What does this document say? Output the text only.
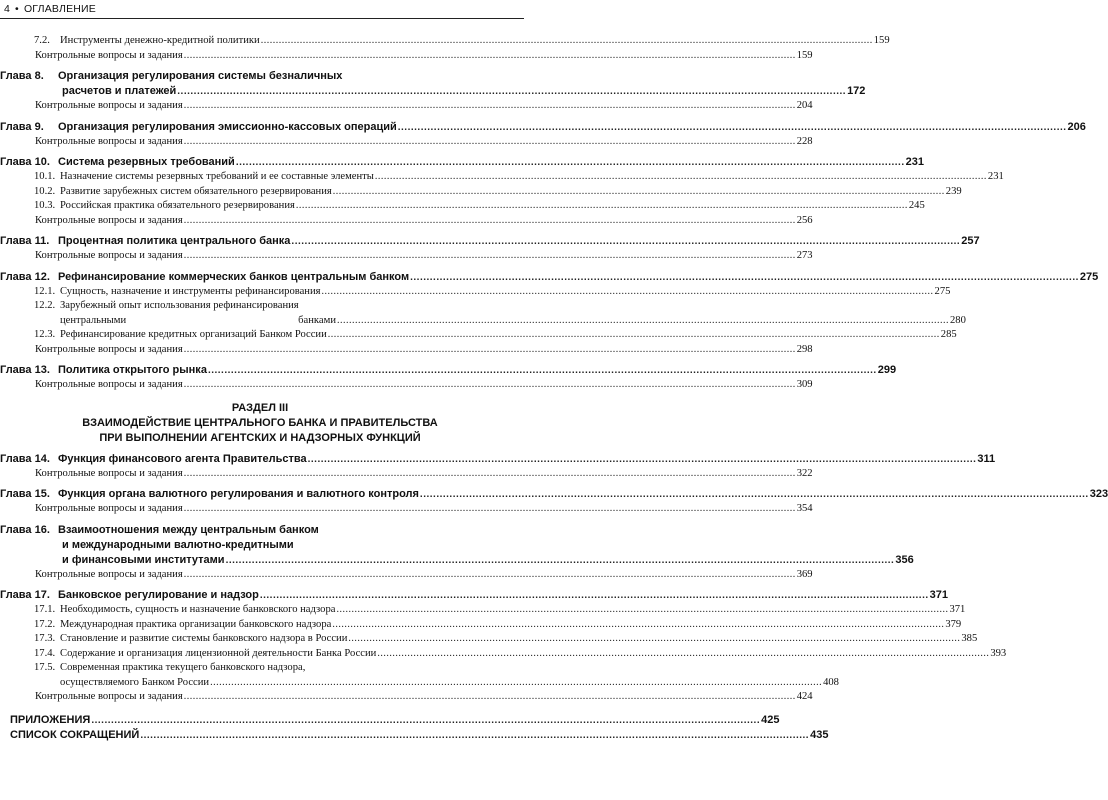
4 • ОГЛАВЛЕНИЕ
7.2. Инструменты денежно-кредитной политики .....	159
Контрольные вопросы и задания .....	159
Глава 8. Организация регулирования системы безналичных
расчетов и платежей .....	172
Контрольные вопросы и задания .....	204
Глава 9. Организация регулирования эмиссионно-кассовых операций .....	206
Контрольные вопросы и задания .....	228
Глава 10. Система резервных требований .....	231
10.1. Назначение системы резервных требований и ее составные элементы .....	231
10.2. Развитие зарубежных систем обязательного резервирования .....	239
10.3. Российская практика обязательного резервирования .....	245
Контрольные вопросы и задания .....	256
Глава 11. Процентная политика центрального банка .....	257
Контрольные вопросы и задания .....	273
Глава 12. Рефинансирование коммерческих банков центральным банком .....	275
12.1. Сущность, назначение и инструменты рефинансирования .....	275
12.2. Зарубежный опыт использования рефинансирования
центральными	банками .....	280
12.3. Рефинансирование кредитных организаций Банком России .....	285
Контрольные вопросы и задания .....	298
Глава 13. Политика открытого рынка .....	299
Контрольные вопросы и задания .....	309
РАЗДЕЛ III
ВЗАИМОДЕЙСТВИЕ ЦЕНТРАЛЬНОГО БАНКА И ПРАВИТЕЛЬСТВА
ПРИ ВЫПОЛНЕНИИ АГЕНТСКИХ И НАДЗОРНЫХ ФУНКЦИЙ
Глава 14. Функция финансового агента Правительства .....	311
Контрольные вопросы и задания .....	322
Глава 15. Функция органа валютного регулирования и валютного контроля .....	323
Контрольные вопросы и задания .....	354
Глава 16. Взаимоотношения между центральным банком
и международными валютно-кредитными
и финансовыми институтами .....	356
Контрольные вопросы и задания .....	369
Глава 17. Банковское регулирование и надзор .....	371
17.1. Необходимость, сущность и назначение банковского надзора .....	371
17.2. Международная практика организации банковского надзора .....	379
17.3. Становление и развитие системы банковского надзора в России .....	385
17.4. Содержание и организация лицензионной деятельности Банка России .....	393
17.5. Современная практика текущего банковского надзора,
осуществляемого Банком России .....	408
Контрольные вопросы и задания .....	424
ПРИЛОЖЕНИЯ .....	425
СПИСОК СОКРАЩЕНИЙ .....	435
